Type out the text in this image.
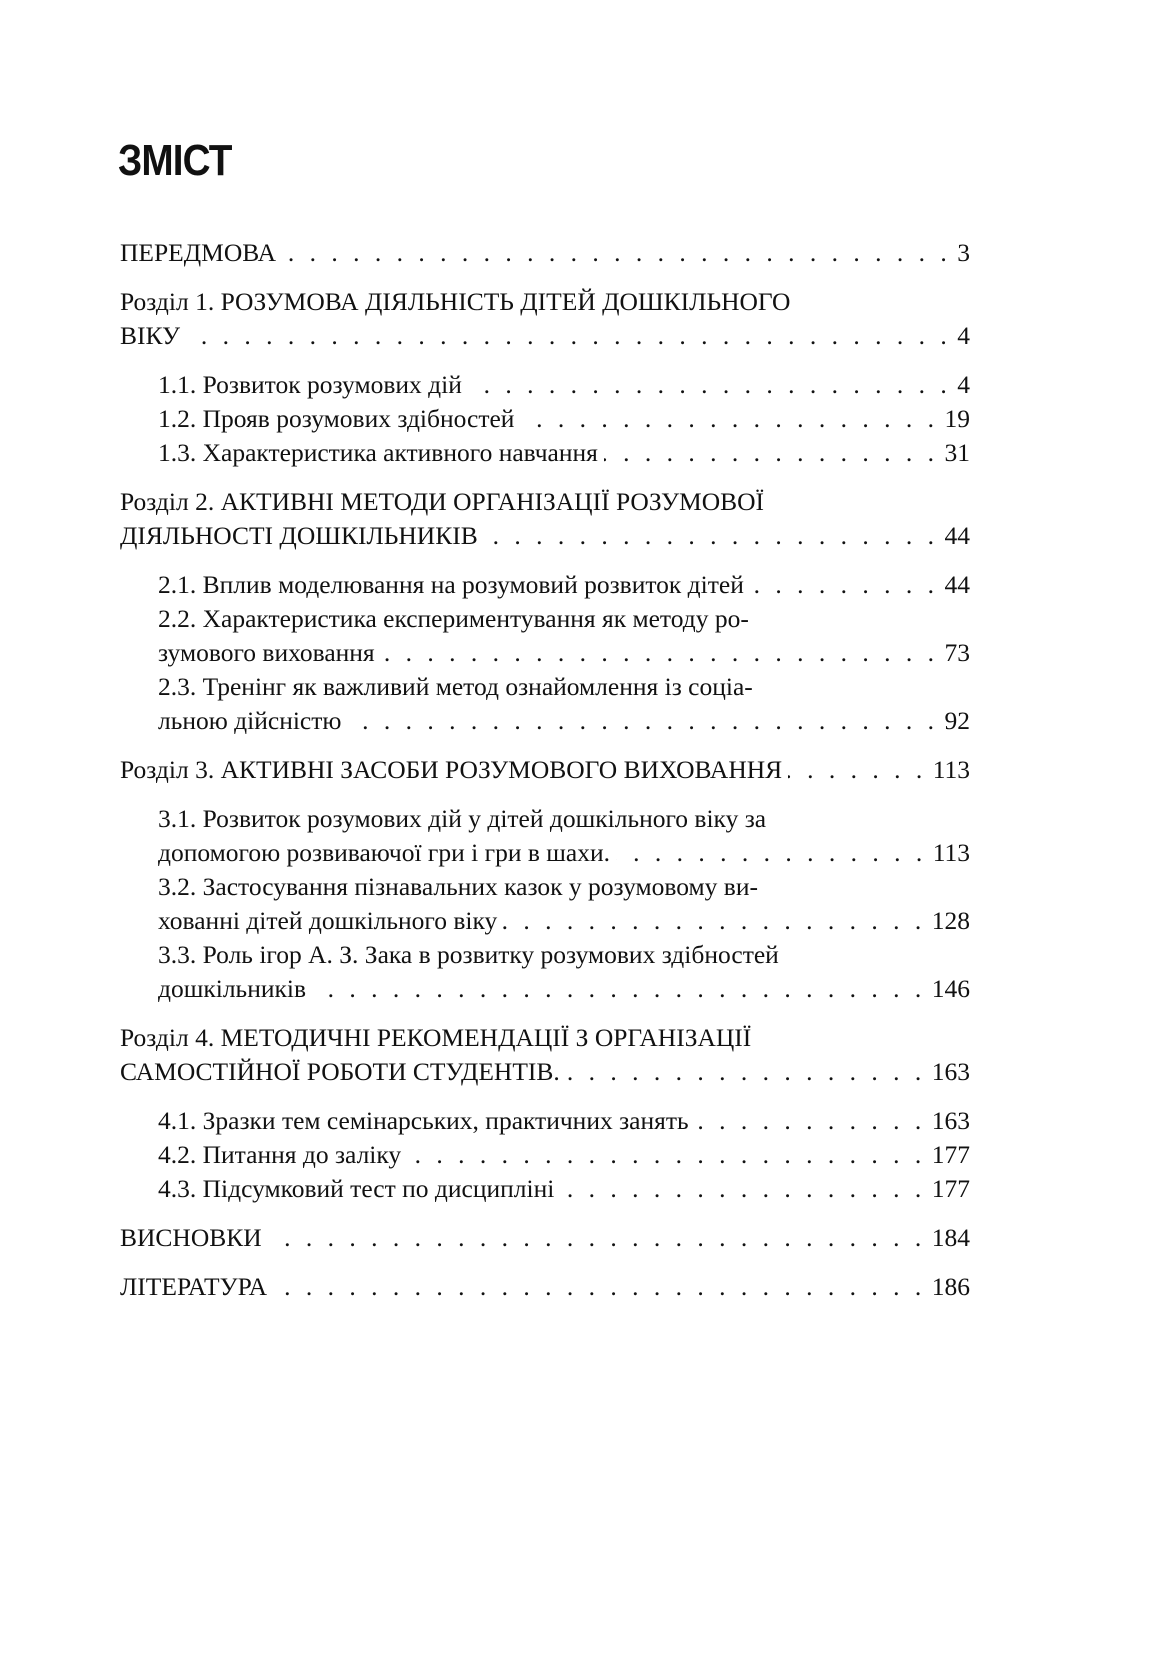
ЗМІСТ
ПЕРЕДМОВА . . .	3
Розділ 1. РОЗУМОВА ДІЯЛЬНІСТЬ ДІТЕЙ ДОШКІЛЬНОГО
ВІКУ . . .	4
1.1. Розвиток розумових дій . . .	4
1.2. Прояв розумових здібностей . . .	19
1.3. Характеристика активного навчання . . .	31
Розділ 2. АКТИВНІ МЕТОДИ ОРГАНІЗАЦІЇ РОЗУМОВОЇ
ДІЯЛЬНОСТІ ДОШКІЛЬНИКІВ . . .	44
2.1. Вплив моделювання на розумовий розвиток дітей . . .	44
2.2. Характеристика експериментування як методу ро-
зумового виховання . . .	73
2.3. Тренінг як важливий метод ознайомлення із соціа-
льною дійсністю . . .	92
Розділ 3. АКТИВНІ ЗАСОБИ РОЗУМОВОГО ВИХОВАННЯ . . .	113
3.1. Розвиток розумових дій у дітей дошкільного віку за
допомогою розвиваючої гри і гри в шахи. . . .	113
3.2. Застосування пізнавальних казок у розумовому ви-
хованні дітей дошкільного віку . . .	128
3.3. Роль ігор А. З. Зака в розвитку розумових здібностей
дошкільників . . .	146
Розділ 4. МЕТОДИЧНІ РЕКОМЕНДАЦІЇ З ОРГАНІЗАЦІЇ
САМОСТІЙНОЇ РОБОТИ СТУДЕНТІВ. . . .	163
4.1. Зразки тем семінарських, практичних занять . . .	163
4.2. Питання до заліку . . .	177
4.3. Підсумковий тест по дисципліні . . .	177
ВИСНОВКИ . . .	184
ЛІТЕРАТУРА . . .	186
